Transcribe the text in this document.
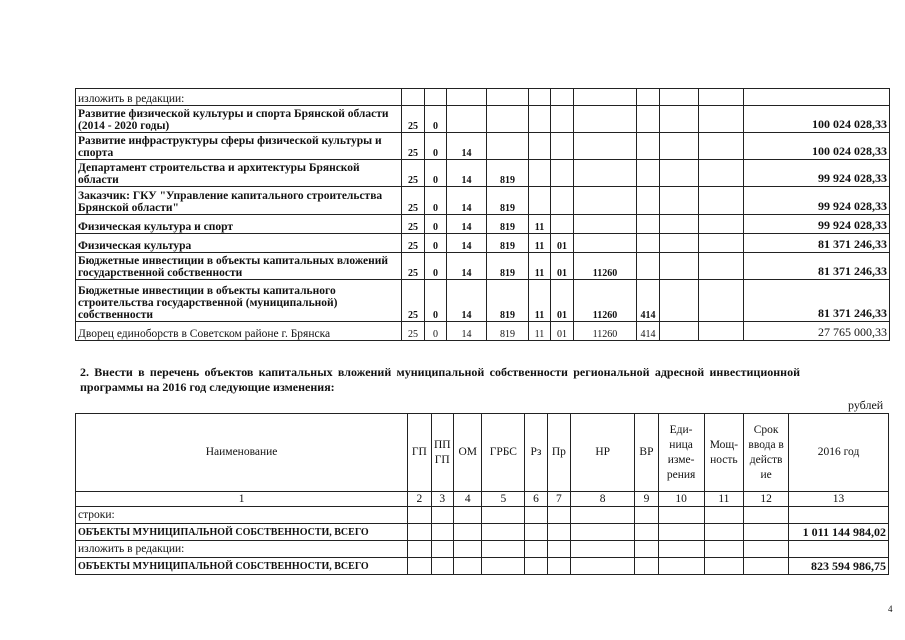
изложить в редакции:											
Развитие физической культуры и спорта Брянской области (2014 - 2020 годы)	25	0									100 024 028,33
Развитие инфраструктуры сферы физической культуры и спорта	25	0	14								100 024 028,33
Департамент строительства и архитектуры Брянской области	25	0	14	819							99 924 028,33
Заказчик: ГКУ "Управление капитального строительства Брянской области"	25	0	14	819							99 924 028,33
Физическая культура и спорт	25	0	14	819	11						99 924 028,33
Физическая культура	25	0	14	819	11	01					81 371 246,33
Бюджетные инвестиции в объекты капитальных вложений государственной собственности	25	0	14	819	11	01	11260				81 371 246,33
Бюджетные инвестиции в объекты капитального строительства государственной (муниципальной) собственности	25	0	14	819	11	01	11260	414			81 371 246,33
Дворец единоборств в Советском районе г. Брянска	25	0	14	819	11	01	11260	414			27 765 000,33
2. Внести в перечень объектов капитальных вложений муниципальной собственности региональной адресной инвестиционной программы на 2016 год следующие изменения:
рублей
Наименование	ГП	ПП ГП	ОМ	ГРБС	Рз	Пр	НР	ВР	Еди-ница изме-рения	Мощ-ность	Срок ввода в действ ие	2016 год
1	2	3	4	5	6	7	8	9	10	11	12	13
строки:												
ОБЪЕКТЫ МУНИЦИПАЛЬНОЙ СОБСТВЕННОСТИ, ВСЕГО												1 011 144 984,02
изложить в редакции:												
ОБЪЕКТЫ МУНИЦИПАЛЬНОЙ СОБСТВЕННОСТИ, ВСЕГО												823 594 986,75
4
